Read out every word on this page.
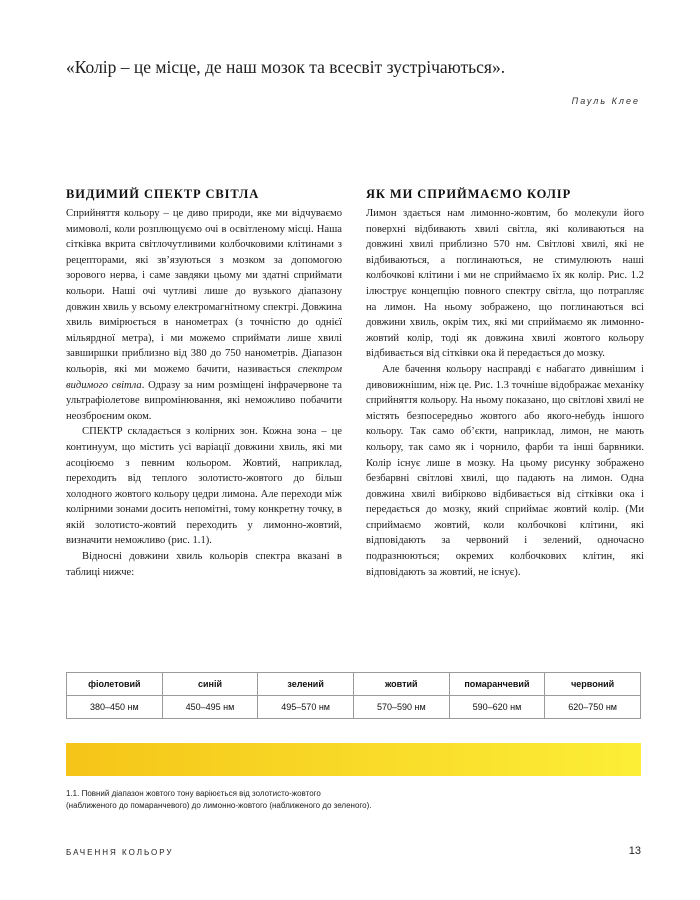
«Колір – це місце, де наш мозок та всесвіт зустрічаються».
Пауль Клее
ВИДИМИЙ СПЕКТР СВІТЛА

Сприйняття кольору – це диво природи, яке ми відчуваємо мимоволі, коли розплющуємо очі в освітленому місці. Наша сітківка вкрита світлочутливими колбочковими клітинами з рецепторами, які зв’язуються з мозком за допомогою зорового нерва, і саме завдяки цьому ми здатні сприймати кольори. Наші очі чутливі лише до вузького діапазону довжин хвиль у всьому електромагнітному спектрі. Довжина хвиль вимірюється в нанометрах (з точністю до однієї мільярдної метра), і ми можемо сприймати лише хвилі завширшки приблизно від 380 до 750 нанометрів. Діапазон кольорів, які ми можемо бачити, називається спектром видимого світла. Одразу за ним розміщені інфрачервоне та ультрафіолетове випромінювання, які неможливо побачити неозброєним оком.

СПЕКТР складається з колірних зон. Кожна зона – це континуум, що містить усі варіації довжини хвиль, які ми асоціюємо з певним кольором. Жовтий, наприклад, переходить від теплого золотисто-жовтого до більш холодного жовтого кольору цедри лимона. Але переходи між колірними зонами досить непомітні, тому конкретну точку, в якій золотисто-жовтий переходить у лимонно-жовтий, визначити неможливо (рис. 1.1).

Відносні довжини хвиль кольорів спектра вказані в таблиці нижче:

ЯК МИ СПРИЙМАЄМО КОЛІР

Лимон здається нам лимонно-жовтим, бо молекули його поверхні відбивають хвилі світла, які коливаються на довжині хвилі приблизно 570 нм. Світлові хвилі, які не відбиваються, а поглинаються, не стимулюють наші колбочкові клітини і ми не сприймаємо їх як колір. Рис. 1.2 ілюструє концепцію повного спектру світла, що потрапляє на лимон. На ньому зображено, що поглинаються всі довжини хвиль, окрім тих, які ми сприймаємо як лимонно-жовтий колір, тоді як довжина хвилі жовтого кольору відбивається від сітківки ока й передається до мозку.

Але бачення кольору насправді є набагато дивнішим і дивовижнішим, ніж це. Рис. 1.3 точніше відображає механіку сприйняття кольору. На ньому показано, що світлові хвилі не містять безпосередньо жовтого або якого-небудь іншого кольору. Так само об’єкти, наприклад, лимон, не мають кольору, так само як і чорнило, фарби та інші барвники. Колір існує лише в мозку. На цьому рисунку зображено безбарвні світлові хвилі, що падають на лимон. Одна довжина хвилі вибірково відбивається від сітківки ока і передається до мозку, який сприймає жовтий колір. (Ми сприймаємо жовтий, коли колбочкові клітини, які відповідають за червоний і зелений, одночасно подразнюються; окремих колбочкових клітин, які відповідають за жовтий, не існує).

фіолетовий	синій	зелений	жовтий	помаранчевий	червоний
380–450 нм	450–495 нм	495–570 нм	570–590 нм	590–620 нм	620–750 нм
1.1. Повний діапазон жовтого тону варіюється від золотисто-жовтого
(наближеного до помаранчевого) до лимонно-жовтого (наближеного до зеленого).
БАЧЕННЯ КОЛЬОРУ	13
